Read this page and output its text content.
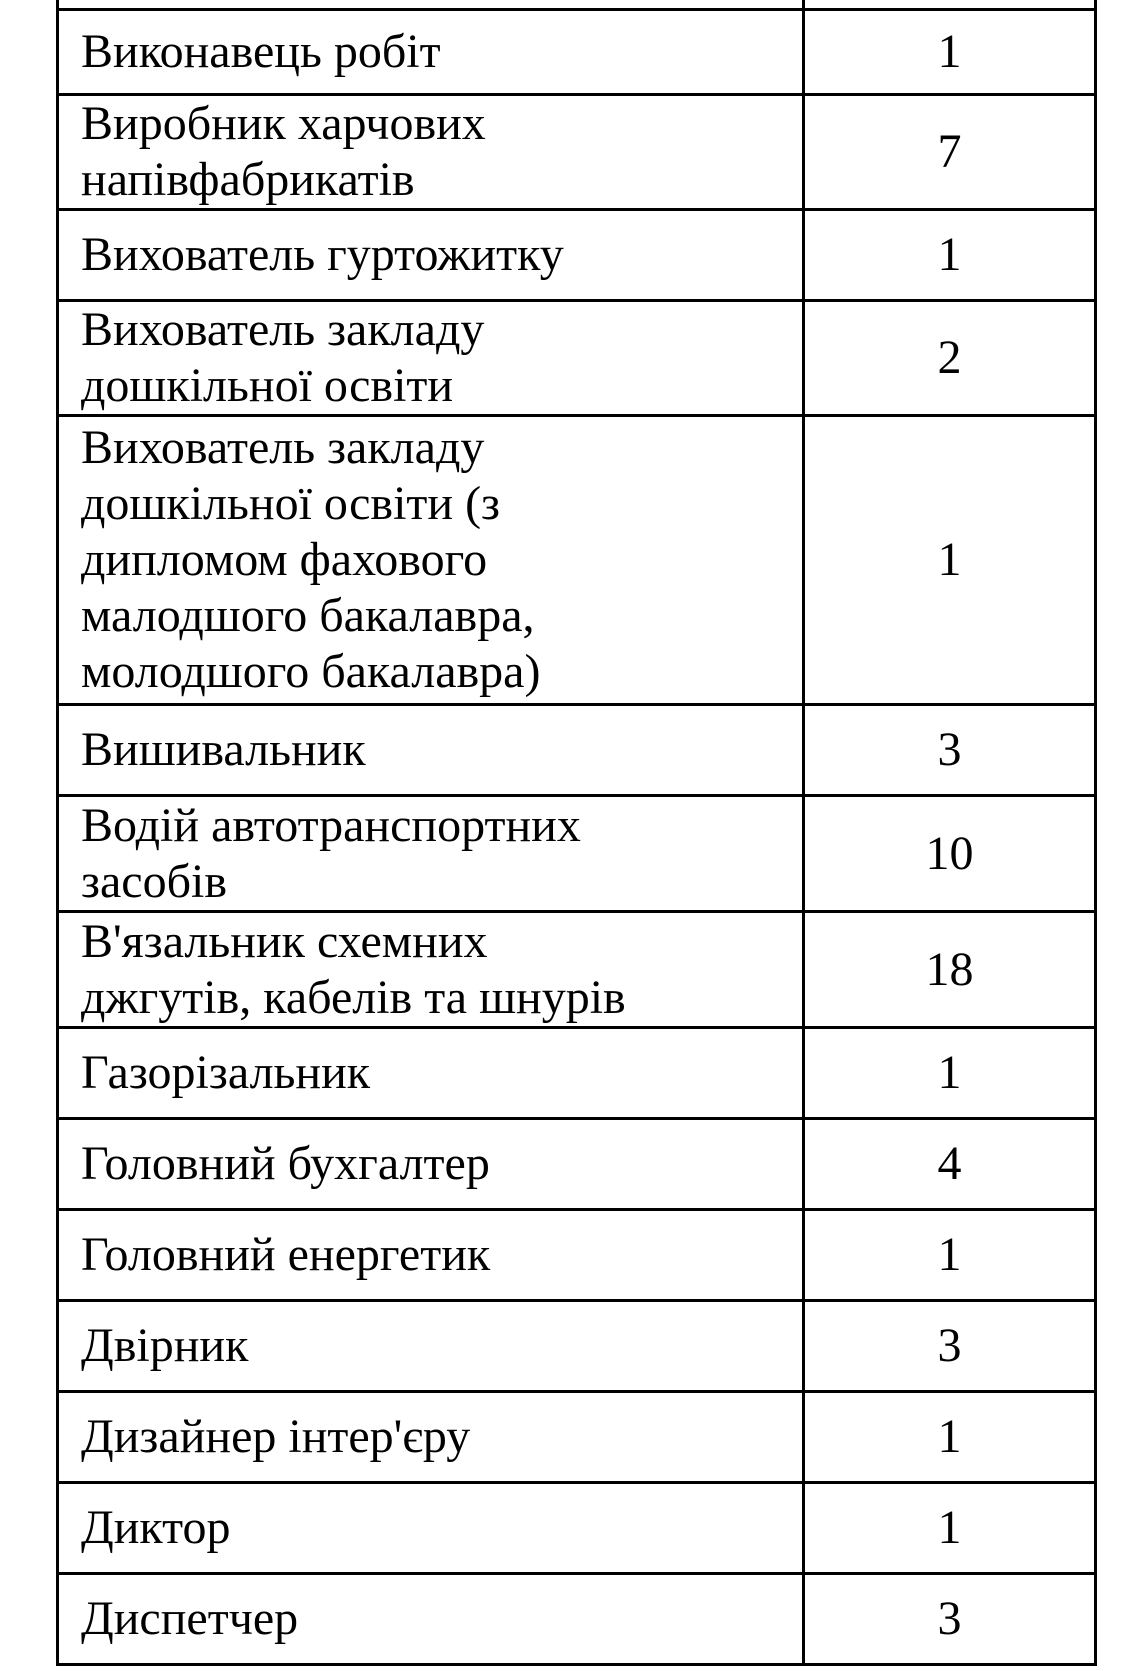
Виконавець робіт	1

Виробник харчових
напівфабрикатів	7

Вихователь гуртожитку	1

Вихователь закладу
дошкільної освіти	2

Вихователь закладу
дошкільної освіти (з
дипломом фахового
малодшого бакалавра,
молодшого бакалавра)	1

Вишивальник	3

Водій автотранспортних
засобів	10

В'язальник схемних
джгутів, кабелів та шнурів	18

Газорізальник	1

Головний бухгалтер	4

Головний енергетик	1

Двірник	3

Дизайнер інтер'єру	1

Диктор	1

Диспетчер	3
